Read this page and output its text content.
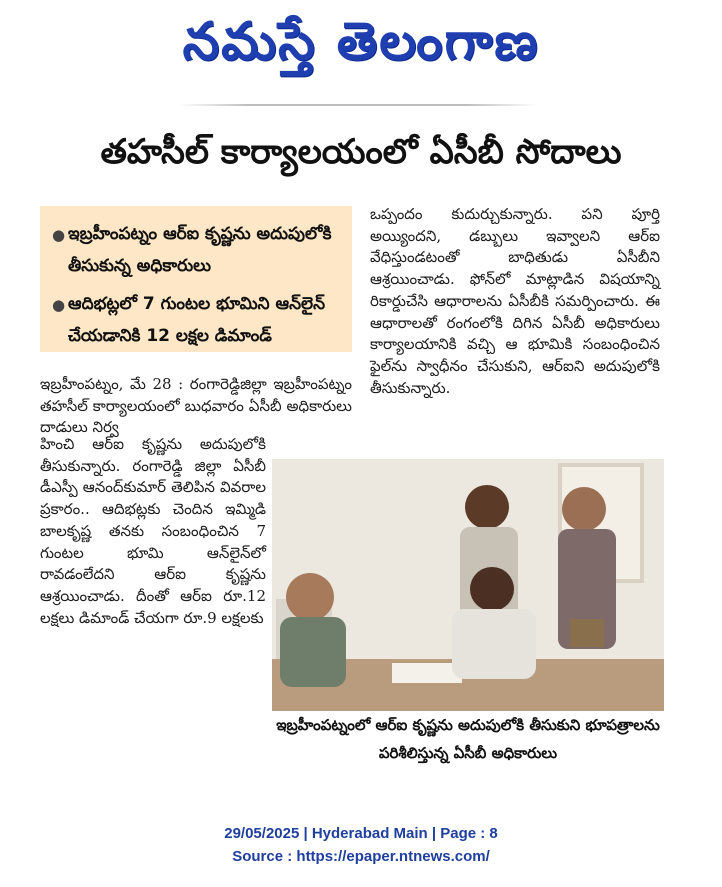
నమస్తే తెలంగాణ
తహసీల్ కార్యాలయంలో ఏసీబీ సోదాలు
● ఇబ్రహీంపట్నం ఆర్‌ఐ కృష్ణను అదుపులోకి తీసుకున్న అధికారులు
● ఆదిభట్లలో 7 గుంటల భూమిని ఆన్‌లైన్ చేయడానికి 12 లక్షల డిమాండ్

ఒప్పందం కుదుర్చుకున్నారు. పని పూర్తి అయ్యిందని, డబ్బులు ఇవ్వాలని ఆర్‌ఐ వేధిస్తుండటంతో బాధితుడు ఏసీబీని ఆశ్రయించాడు. ఫోన్‌లో మాట్లాడిన విషయాన్ని రికార్డుచేసి ఆధారాలను ఏసీబీకి సమర్పించారు. ఈ ఆధారాలతో రంగంలోకి దిగిన ఏసీబీ అధికారులు కార్యాలయానికి వచ్చి ఆ భూమికి సంబంధించిన ఫైల్‌ను స్వాధీనం చేసుకుని, ఆర్‌ఐని అదుపులోకి తీసుకున్నారు.

ఇబ్రహీంపట్నం, మే 28 : రంగారెడ్డిజిల్లా ఇబ్రహీంపట్నం తహసీల్ కార్యాలయంలో బుధవారం ఏసీబీ అధికారులు దాడులు నిర్వ

హించి ఆర్‌ఐ కృష్ణను అదుపులోకి తీసుకున్నారు. రంగారెడ్డి జిల్లా ఏసీబీ డీఎస్పీ ఆనంద్‌కుమార్ తెలిపిన వివరాల ప్రకారం.. ఆదిభట్లకు చెందిన ఇమ్మిడి బాలకృష్ణ తనకు సంబంధించిన 7 గుంటల భూమి ఆన్‌లైన్‌లో రావడంలేదని ఆర్‌ఐ కృష్ణను ఆశ్రయించాడు. దీంతో ఆర్‌ఐ రూ.12 లక్షలు డిమాండ్ చేయగా రూ.9 లక్షలకు

ఇబ్రహీంపట్నంలో ఆర్‌ఐ కృష్ణను అదుపులోకి తీసుకుని భూపత్రాలను పరిశీలిస్తున్న ఏసీబీ అధికారులు
29/05/2025 | Hyderabad Main | Page : 8
Source : https://epaper.ntnews.com/
